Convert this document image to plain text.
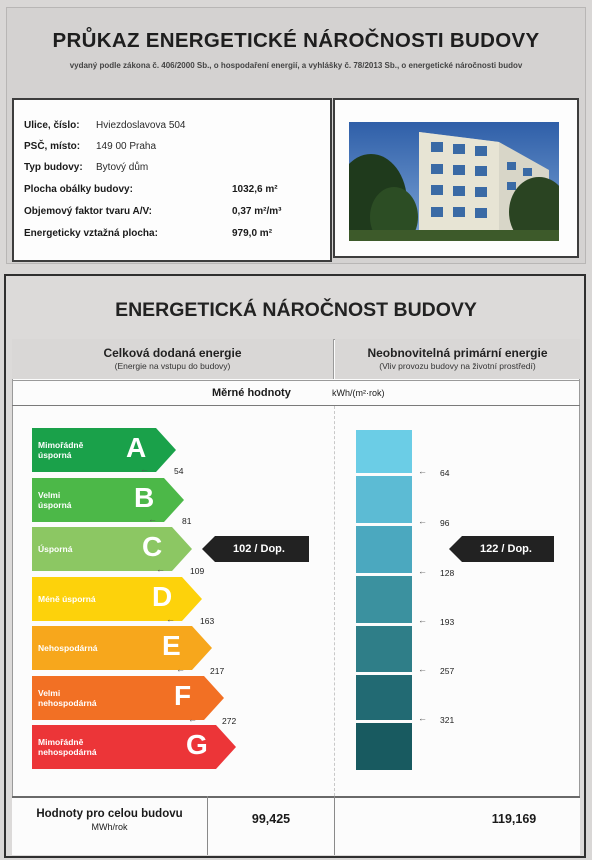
PRŮKAZ ENERGETICKÉ NÁROČNOSTI BUDOVY
vydaný podle zákona č. 406/2000 Sb., o hospodaření energií, a vyhlášky č. 78/2013 Sb., o energetické náročnosti budov
Ulice, číslo: Hviezdoslavova 504
PSČ, místo: 149 00 Praha
Typ budovy: Bytový dům
Plocha obálky budovy:	1032,6 m²
Objemový faktor tvaru A/V:	0,37 m²/m³
Energeticky vztažná plocha:	979,0 m²
ENERGETICKÁ NÁROČNOST BUDOVY
Celková dodaná energie
(Energie na vstupu do budovy)
Neobnovitelná primární energie
(Vliv provozu budovy na životní prostředí)
Měrné hodnoty	kWh/(m²·rok)
Mimořádně
úsporná	A
Velmi
úsporná B
Úsporná C
Méně úsporná D
Nehospodárná E
Velmi
nehospodárná	F
Mimořádně
nehospodárná	G
←	54
←	81
←	109
←	163
←	217
←	272
102 / Dop.
← 64
← 96
← 128
← 193
← 257
← 321
122 / Dop.
Hodnoty pro celou budovu
MWh/rok
99,425	119,169
